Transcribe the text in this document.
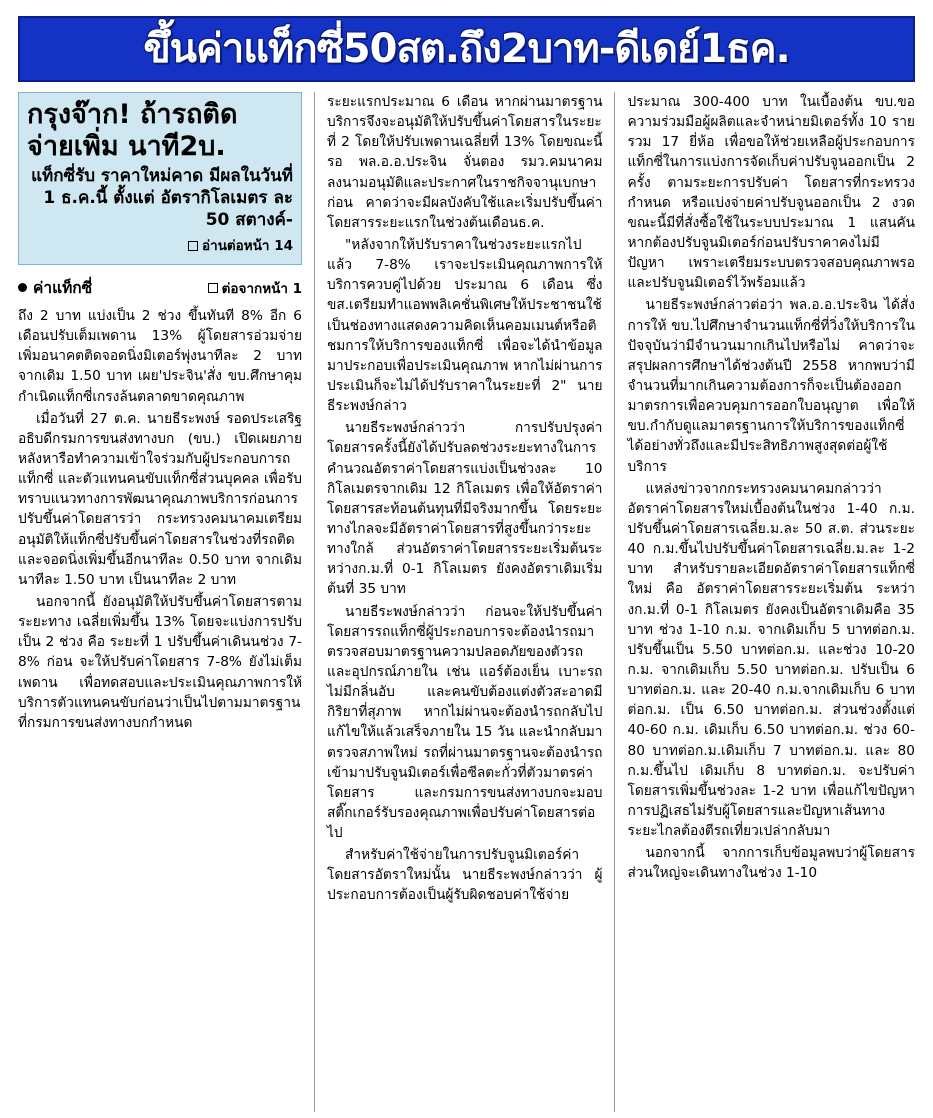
ขึ้นค่าแท็กซี่50สต.ถึง2บาท-ดีเดย์1ธค.
กรุงจ๊าก! ถ้ารถติด จ่ายเพิ่ม นาที2บ.
แท็กซี่รับ ราคาใหม่คาด มีผลในวันที่ 1 ธ.ค.นี้ ตั้งแต่ อัตรากิโลเมตร ละ 50 สตางค์-
อ่านต่อหน้า 14
ค่าแท็กซี่	ต่อจากหน้า 1

ถึง 2 บาท แบ่งเป็น 2 ช่วง ขึ้นทันที 8% อีก 6 เดือนปรับเต็มเพดาน 13% ผู้โดยสารอ่วมจ่ายเพิ่มอนาคตติดจอดนิ่งมิเตอร์พุ่งนาทีละ 2 บาท จากเดิม 1.50 บาท เผย'ประจิน'สั่ง ขบ.ศึกษาคุมกำเนิดแท็กซี่เกรงล้นตลาดขาดคุณภาพ

เมื่อวันที่ 27 ต.ค. นายธีระพงษ์ รอดประเสริฐ อธิบดีกรมการขนส่งทางบก (ขบ.) เปิดเผยภายหลังหารือทำความเข้าใจร่วมกับผู้ประกอบการถแท็กซี่ และตัวแทนคนขับแท็กซี่ส่วนบุคคล เพื่อรับทราบแนวทางการพัฒนาคุณภาพบริการก่อนการปรับขึ้นค่าโดยสารว่า กระทรวงคมนาคมเตรียมอนุมัติให้แท็กซี่ปรับขึ้นค่าโดยสารในช่วงที่รถติดและจอดนิ่งเพิ่มขึ้นอีกนาทีละ 0.50 บาท จากเดิมนาทีละ 1.50 บาท เป็นนาทีละ 2 บาท

นอกจากนี้ ยังอนุมัติให้ปรับขึ้นค่าโดยสารตามระยะทาง เฉลี่ยเพิ่มขึ้น 13% โดยจะแบ่งการปรับเป็น 2 ช่วง คือ ระยะที่ 1 ปรับขึ้นค่าเดินนช่วง 7-8% ก่อน จะให้ปรับค่าโดยสาร 7-8% ยังไม่เต็มเพดาน เพื่อทดสอบและประเมินคุณภาพการให้บริการตัวแทนคนขับก่อนว่าเป็นไปตามมาตรฐานที่กรมการขนส่งทางบกกำหนด

ระยะแรกประมาณ 6 เดือน หากผ่านมาตรฐานบริการจึงจะอนุมัติให้ปรับขึ้นค่าโดยสารในระยะที่ 2 โดยให้ปรับเพดานเฉลี่ยที่ 13% โดยขณะนี้รอ พล.อ.อ.ประจิน จั่นตอง รมว.คมนาคม ลงนามอนุมัติและประกาศในราชกิจจานุเบกษาก่อน คาดว่าจะมีผลบังคับใช้และเริ่มปรับขึ้นค่าโดยสารระยะแรกในช่วงต้นเดือนธ.ค.

"หลังจากให้ปรับราคาในช่วงระยะแรกไปแล้ว 7-8% เราจะประเมินคุณภาพการให้บริการควบคู่ไปด้วย ประมาณ 6 เดือน ซึ่ง ขส.เตรียมทำแอพพลิเคชั่นพิเศษให้ประชาชนใช้เป็นช่องทางแสดงความคิดเห็นคอมเมนต์หรือติชมการให้บริการของแท็กซี่ เพื่อจะได้นำข้อมูลมาประกอบเพื่อประเมินคุณภาพ หากไม่ผ่านการประเมินก็จะไม่ได้ปรับราคาในระยะที่ 2" นายธีระพงษ์กล่าว

นายธีระพงษ์กล่าวว่า การปรับปรุงค่าโดยสารครั้งนี้ยังได้ปรับลดช่วงระยะทางในการคำนวณอัตราค่าโดยสารแบ่งเป็นช่วงละ 10 กิโลเมตรจากเดิม 12 กิโลเมตร เพื่อให้อัตราค่าโดยสารสะท้อนต้นทุนที่มีจริงมากขึ้น โดยระยะทางไกลจะมีอัตราค่าโดยสารที่สูงขึ้นกว่าระยะทางใกล้ ส่วนอัตราค่าโดยสารระยะเริ่มต้นระหว่างก.ม.ที่ 0-1 กิโลเมตร ยังคงอัตราเดิมเริ่มต้นที่ 35 บาท

นายธีระพงษ์กล่าวว่า ก่อนจะให้ปรับขึ้นค่าโดยสารรถแท็กซี่ผู้ประกอบการจะต้องนำรถมาตรวจสอบมาตรฐานความปลอดภัยของตัวรถและอุปกรณ์ภายใน เช่น แอร์ต้องเย็น เบาะรถไม่มีกลิ่นอับ และคนขับต้องแต่งตัวสะอาดมีกิริยาที่สุภาพ หากไม่ผ่านจะต้องนำรถกลับไปแก้ไขให้แล้วเสร็จภายใน 15 วัน และนำกลับมาตรวจสภาพใหม่ รถที่ผ่านมาตรฐานจะต้องนำรถเข้ามาปรับจูนมิเตอร์เพื่อซีลตะกั่วที่ตัวมาตรค่าโดยสาร และกรมการขนส่งทางบกจะมอบสติ๊กเกอร์รับรองคุณภาพเพื่อปรับค่าโดยสารต่อไป

สำหรับค่าใช้จ่ายในการปรับจูนมิเตอร์ค่าโดยสารอัตราใหม่นั้น นายธีระพงษ์กล่าวว่า ผู้ประกอบการต้องเป็นผู้รับผิดชอบค่าใช้จ่าย

ประมาณ 300-400 บาท ในเบื้องต้น ขบ.ขอความร่วมมือผู้ผลิตและจำหน่ายมิเตอร์ทั้ง 10 ราย รวม 17 ยี่ห้อ เพื่อขอให้ช่วยเหลือผู้ประกอบการแท็กซี่ในการแบ่งการจัดเก็บค่าปรับจูนออกเป็น 2 ครั้ง ตามระยะการปรับค่า โดยสารที่กระทรวงกำหนด หรือแบ่งจ่ายค่าปรับจูนออกเป็น 2 งวด ขณะนี้มีที่สั่งซื้อใช้ในระบบประมาณ 1 แสนคัน หากต้องปรับจูนมิเตอร์ก่อนปรับราคาคงไม่มีปัญหา เพราะเตรียมระบบตรวจสอบคุณภาพรอ และปรับจูนมิเตอร์ไว้พร้อมแล้ว

นายธีระพงษ์กล่าวต่อว่า พล.อ.อ.ประจิน ได้สั่งการให้ ขบ.ไปศึกษาจำนวนแท็กซี่ที่วิ่งให้บริการในปัจจุบันว่ามีจำนวนมากเกินไปหรือไม่ คาดว่าจะสรุปผลการศึกษาได้ช่วงต้นปี 2558 หากพบว่ามีจำนวนที่มากเกินความต้องการก็จะเป็นต้องออกมาตรการเพื่อควบคุมการออกใบอนุญาต เพื่อให้ ขบ.กำกับดูแลมาตรฐานการให้บริการของแท็กซี่ได้อย่างทั่วถึงและมีประสิทธิภาพสูงสุดต่อผู้ใช้บริการ

แหล่งข่าวจากกระทรวงคมนาคมกล่าวว่า อัตราค่าโดยสารใหม่เบื้องต้นในช่วง 1-40 ก.ม. ปรับขึ้นค่าโดยสารเฉลี่ย.ม.ละ 50 ส.ต. ส่วนระยะ 40 ก.ม.ขึ้นไปปรับขึ้นค่าโดยสารเฉลี่ย.ม.ละ 1-2 บาท สำหรับรายละเอียดอัตราค่าโดยสารแท็กซี่ใหม่ คือ อัตราค่าโดยสารระยะเริ่มต้น ระหว่างก.ม.ที่ 0-1 กิโลเมตร ยังคงเป็นอัตราเดิมคือ 35 บาท ช่วง 1-10 ก.ม. จากเดิมเก็บ 5 บาทต่อก.ม. ปรับขึ้นเป็น 5.50 บาทต่อก.ม. และช่วง 10-20 ก.ม. จากเดิมเก็บ 5.50 บาทต่อก.ม. ปรับเป็น 6 บาทต่อก.ม. และ 20-40 ก.ม.จากเดิมเก็บ 6 บาทต่อก.ม. เป็น 6.50 บาทต่อก.ม. ส่วนช่วงตั้งแต่ 40-60 ก.ม. เดิมเก็บ 6.50 บาทต่อก.ม. ช่วง 60-80 บาทต่อก.ม.เดิมเก็บ 7 บาทต่อก.ม. และ 80 ก.ม.ขึ้นไป เดิมเก็บ 8 บาทต่อก.ม. จะปรับค่าโดยสารเพิ่มขึ้นช่วงละ 1-2 บาท เพื่อแก้ไขปัญหาการปฏิเสธไม่รับผู้โดยสารและปัญหาเส้นทางระยะไกลต้องตีรถเที่ยวเปล่ากลับมา

นอกจากนี้ จากการเก็บข้อมูลพบว่าผู้โดยสารส่วนใหญ่จะเดินทางในช่วง 1-10
